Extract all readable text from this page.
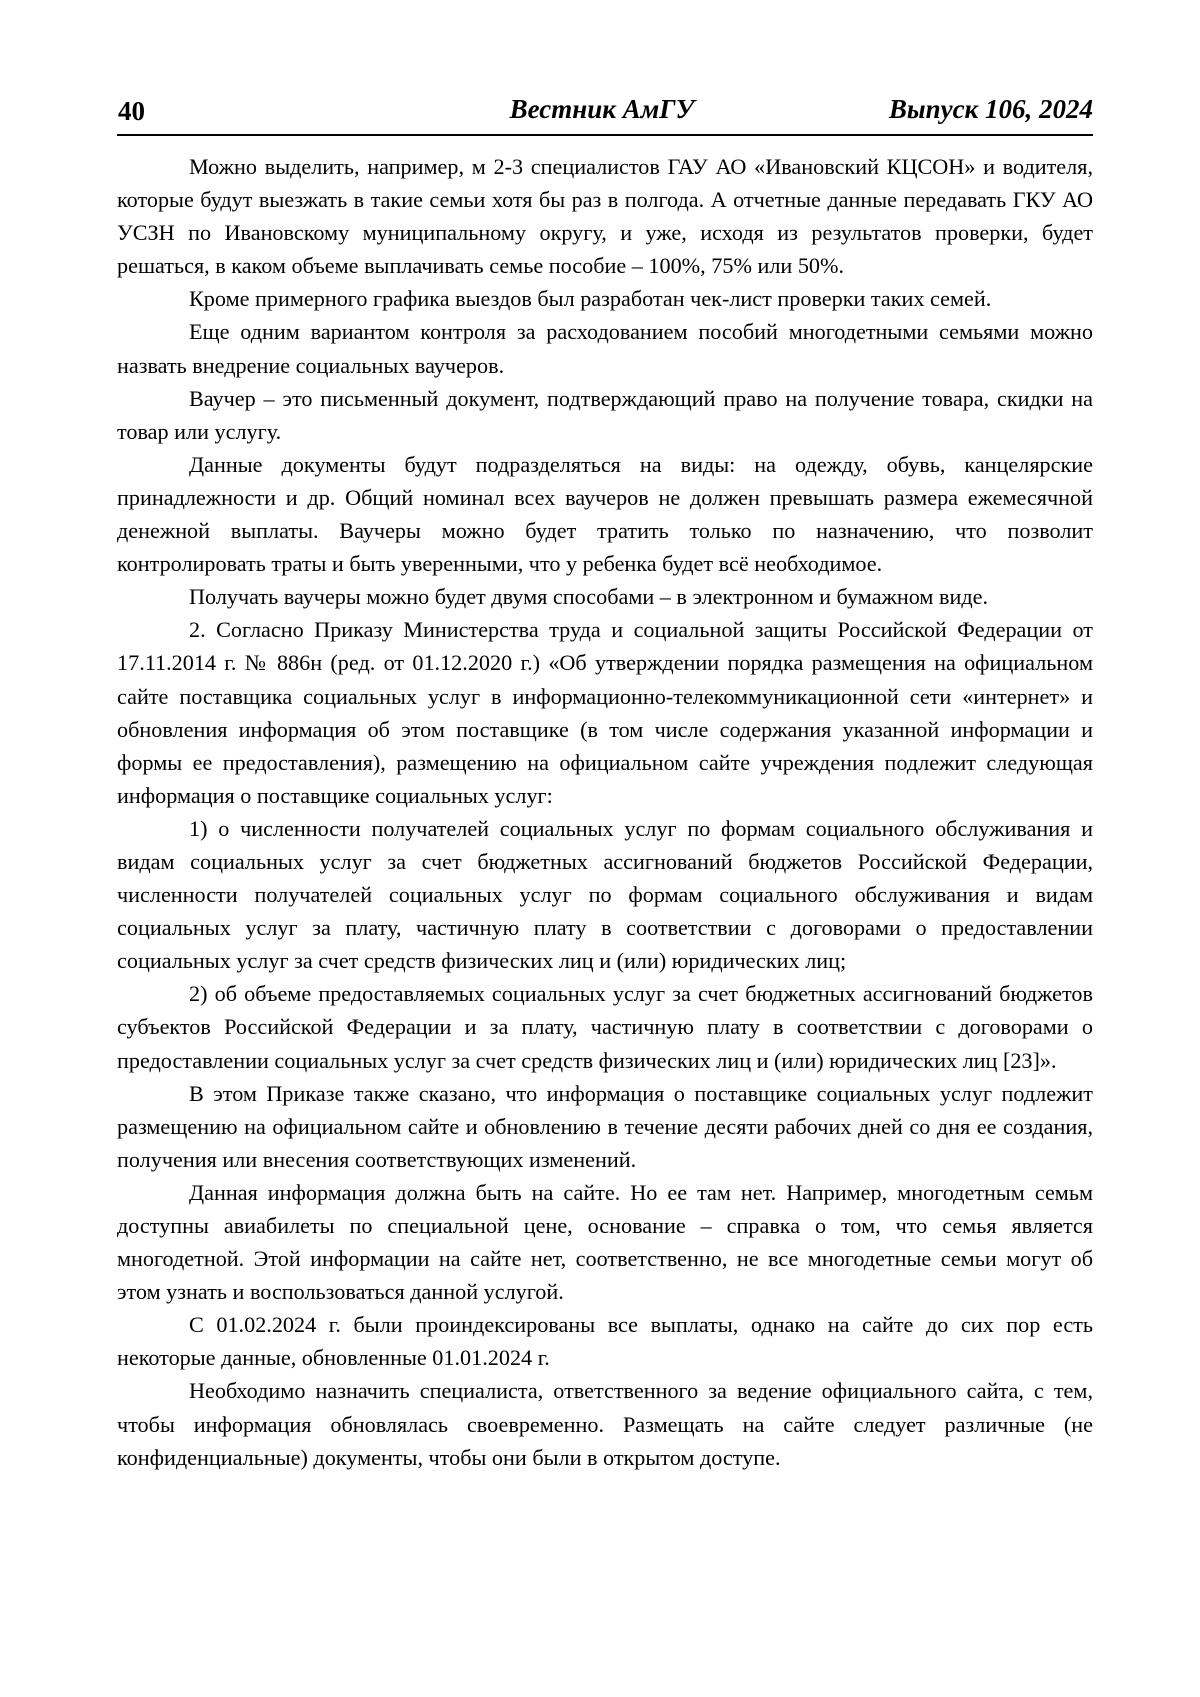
40	Вестник АмГУ	Выпуск 106, 2024

Можно выделить, например, м 2-3 специалистов ГАУ АО «Ивановский КЦСОН» и водителя, которые будут выезжать в такие семьи хотя бы раз в полгода. А отчетные данные передавать ГКУ АО УСЗН по Ивановскому муниципальному округу, и уже, исходя из результатов проверки, будет решаться, в каком объеме выплачивать семье пособие – 100%, 75% или 50%.

Кроме примерного графика выездов был разработан чек-лист проверки таких семей.

Еще одним вариантом контроля за расходованием пособий многодетными семьями можно назвать внедрение социальных ваучеров.

Ваучер – это письменный документ, подтверждающий право на получение товара, скидки на товар или услугу.

Данные документы будут подразделяться на виды: на одежду, обувь, канцелярские принадлежности и др. Общий номинал всех ваучеров не должен превышать размера ежемесячной денежной выплаты. Ваучеры можно будет тратить только по назначению, что позволит контролировать траты и быть уверенными, что у ребенка будет всё необходимое.

Получать ваучеры можно будет двумя способами – в электронном и бумажном виде.

2. Согласно Приказу Министерства труда и социальной защиты Российской Федерации от 17.11.2014 г. № 886н (ред. от 01.12.2020 г.) «Об утверждении порядка размещения на официальном сайте поставщика социальных услуг в информационно-телекоммуникационной сети «интернет» и обновления информация об этом поставщике (в том числе содержания указанной информации и формы ее предоставления), размещению на официальном сайте учреждения подлежит следующая информация о поставщике социальных услуг:

1) о численности получателей социальных услуг по формам социального обслуживания и видам социальных услуг за счет бюджетных ассигнований бюджетов Российской Федерации, численности получателей социальных услуг по формам социального обслуживания и видам социальных услуг за плату, частичную плату в соответствии с договорами о предоставлении социальных услуг за счет средств физических лиц и (или) юридических лиц;

2) об объеме предоставляемых социальных услуг за счет бюджетных ассигнований бюджетов субъектов Российской Федерации и за плату, частичную плату в соответствии с договорами о предоставлении социальных услуг за счет средств физических лиц и (или) юридических лиц [23]».

В этом Приказе также сказано, что информация о поставщике социальных услуг подлежит размещению на официальном сайте и обновлению в течение десяти рабочих дней со дня ее создания, получения или внесения соответствующих изменений.

Данная информация должна быть на сайте. Но ее там нет. Например, многодетным семьм доступны авиабилеты по специальной цене, основание – справка о том, что семья является многодетной. Этой информации на сайте нет, соответственно, не все многодетные семьи могут об этом узнать и воспользоваться данной услугой.

С 01.02.2024 г. были проиндексированы все выплаты, однако на сайте до сих пор есть некоторые данные, обновленные 01.01.2024 г.

Необходимо назначить специалиста, ответственного за ведение официального сайта, с тем, чтобы информация обновлялась своевременно. Размещать на сайте следует различные (не конфиденциальные) документы, чтобы они были в открытом доступе.
